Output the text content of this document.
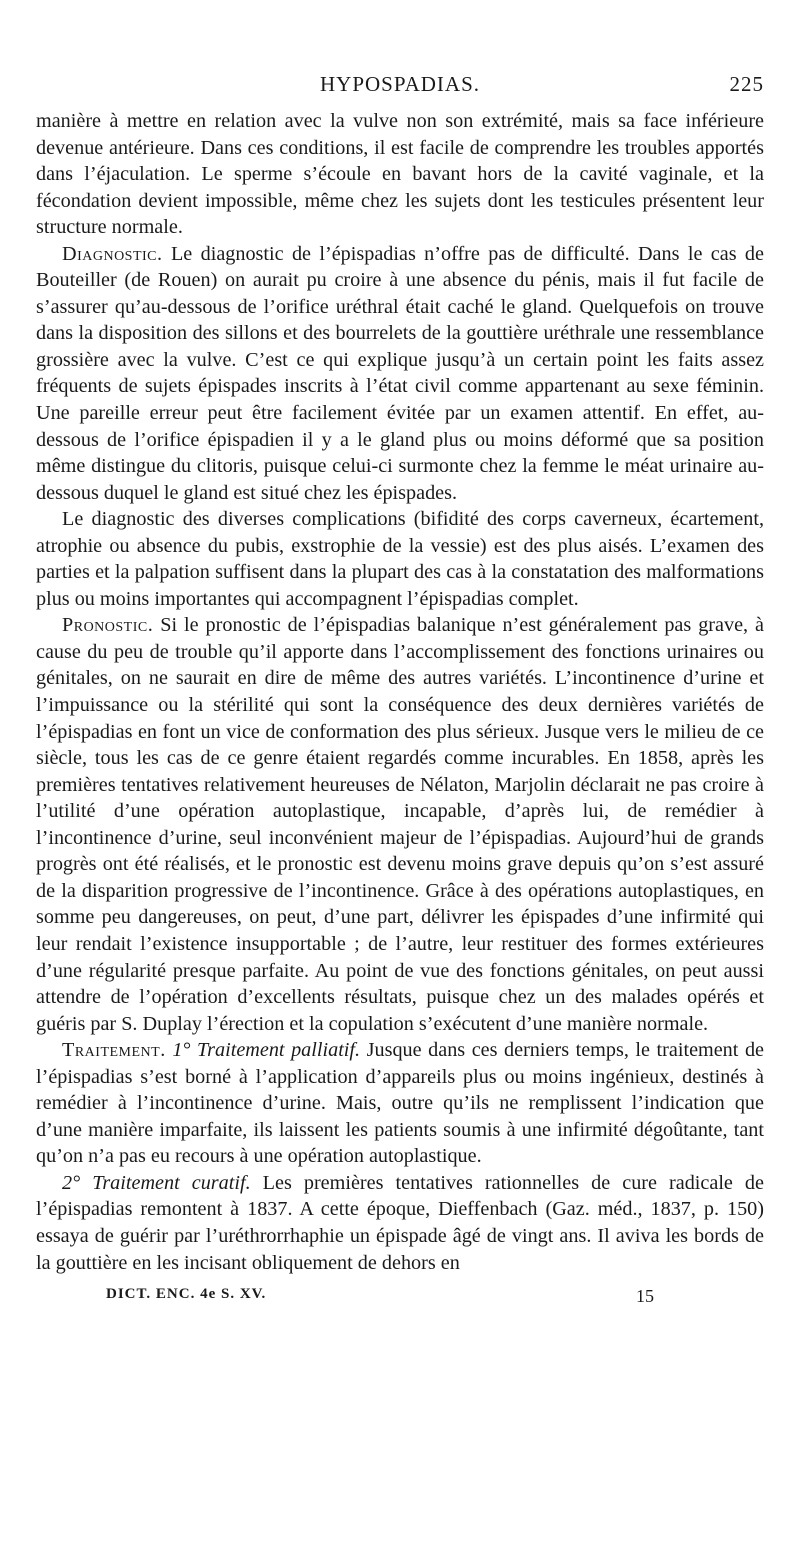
HYPOSPADIAS.	225

manière à mettre en relation avec la vulve non son extrémité, mais sa face inférieure devenue antérieure. Dans ces conditions, il est facile de comprendre les troubles apportés dans l’éjaculation. Le sperme s’écoule en bavant hors de la cavité vaginale, et la fécondation devient impossible, même chez les sujets dont les testicules présentent leur structure normale.

Diagnostic. Le diagnostic de l’épispadias n’offre pas de difficulté. Dans le cas de Bouteiller (de Rouen) on aurait pu croire à une absence du pénis, mais il fut facile de s’assurer qu’au-dessous de l’orifice uréthral était caché le gland. Quelquefois on trouve dans la disposition des sillons et des bourrelets de la gouttière uréthrale une ressemblance grossière avec la vulve. C’est ce qui explique jusqu’à un certain point les faits assez fréquents de sujets épispades inscrits à l’état civil comme appartenant au sexe féminin. Une pareille erreur peut être facilement évitée par un examen attentif. En effet, au-dessous de l’orifice épispadien il y a le gland plus ou moins déformé que sa position même distingue du clitoris, puisque celui-ci surmonte chez la femme le méat urinaire au-dessous duquel le gland est situé chez les épispades.

Le diagnostic des diverses complications (bifidité des corps caverneux, écartement, atrophie ou absence du pubis, exstrophie de la vessie) est des plus aisés. L’examen des parties et la palpation suffisent dans la plupart des cas à la constatation des malformations plus ou moins importantes qui accompagnent l’épispadias complet.

Pronostic. Si le pronostic de l’épispadias balanique n’est généralement pas grave, à cause du peu de trouble qu’il apporte dans l’accomplissement des fonctions urinaires ou génitales, on ne saurait en dire de même des autres variétés. L’incontinence d’urine et l’impuissance ou la stérilité qui sont la conséquence des deux dernières variétés de l’épispadias en font un vice de conformation des plus sérieux. Jusque vers le milieu de ce siècle, tous les cas de ce genre étaient regardés comme incurables. En 1858, après les premières tentatives relativement heureuses de Nélaton, Marjolin déclarait ne pas croire à l’utilité d’une opération autoplastique, incapable, d’après lui, de remédier à l’incontinence d’urine, seul inconvénient majeur de l’épispadias. Aujourd’hui de grands progrès ont été réalisés, et le pronostic est devenu moins grave depuis qu’on s’est assuré de la disparition progressive de l’incontinence. Grâce à des opérations autoplastiques, en somme peu dangereuses, on peut, d’une part, délivrer les épispades d’une infirmité qui leur rendait l’existence insupportable ; de l’autre, leur restituer des formes extérieures d’une régularité presque parfaite. Au point de vue des fonctions génitales, on peut aussi attendre de l’opération d’excellents résultats, puisque chez un des malades opérés et guéris par S. Duplay l’érection et la copulation s’exécutent d’une manière normale.

Traitement. 1° Traitement palliatif. Jusque dans ces derniers temps, le traitement de l’épispadias s’est borné à l’application d’appareils plus ou moins ingénieux, destinés à remédier à l’incontinence d’urine. Mais, outre qu’ils ne remplissent l’indication que d’une manière imparfaite, ils laissent les patients soumis à une infirmité dégoûtante, tant qu’on n’a pas eu recours à une opération autoplastique.

2° Traitement curatif. Les premières tentatives rationnelles de cure radicale de l’épispadias remontent à 1837. A cette époque, Dieffenbach (Gaz. méd., 1837, p. 150) essaya de guérir par l’uréthrorrhaphie un épispade âgé de vingt ans. Il aviva les bords de la gouttière en les incisant obliquement de dehors en

DICT. ENC. 4e S. XV.	15
